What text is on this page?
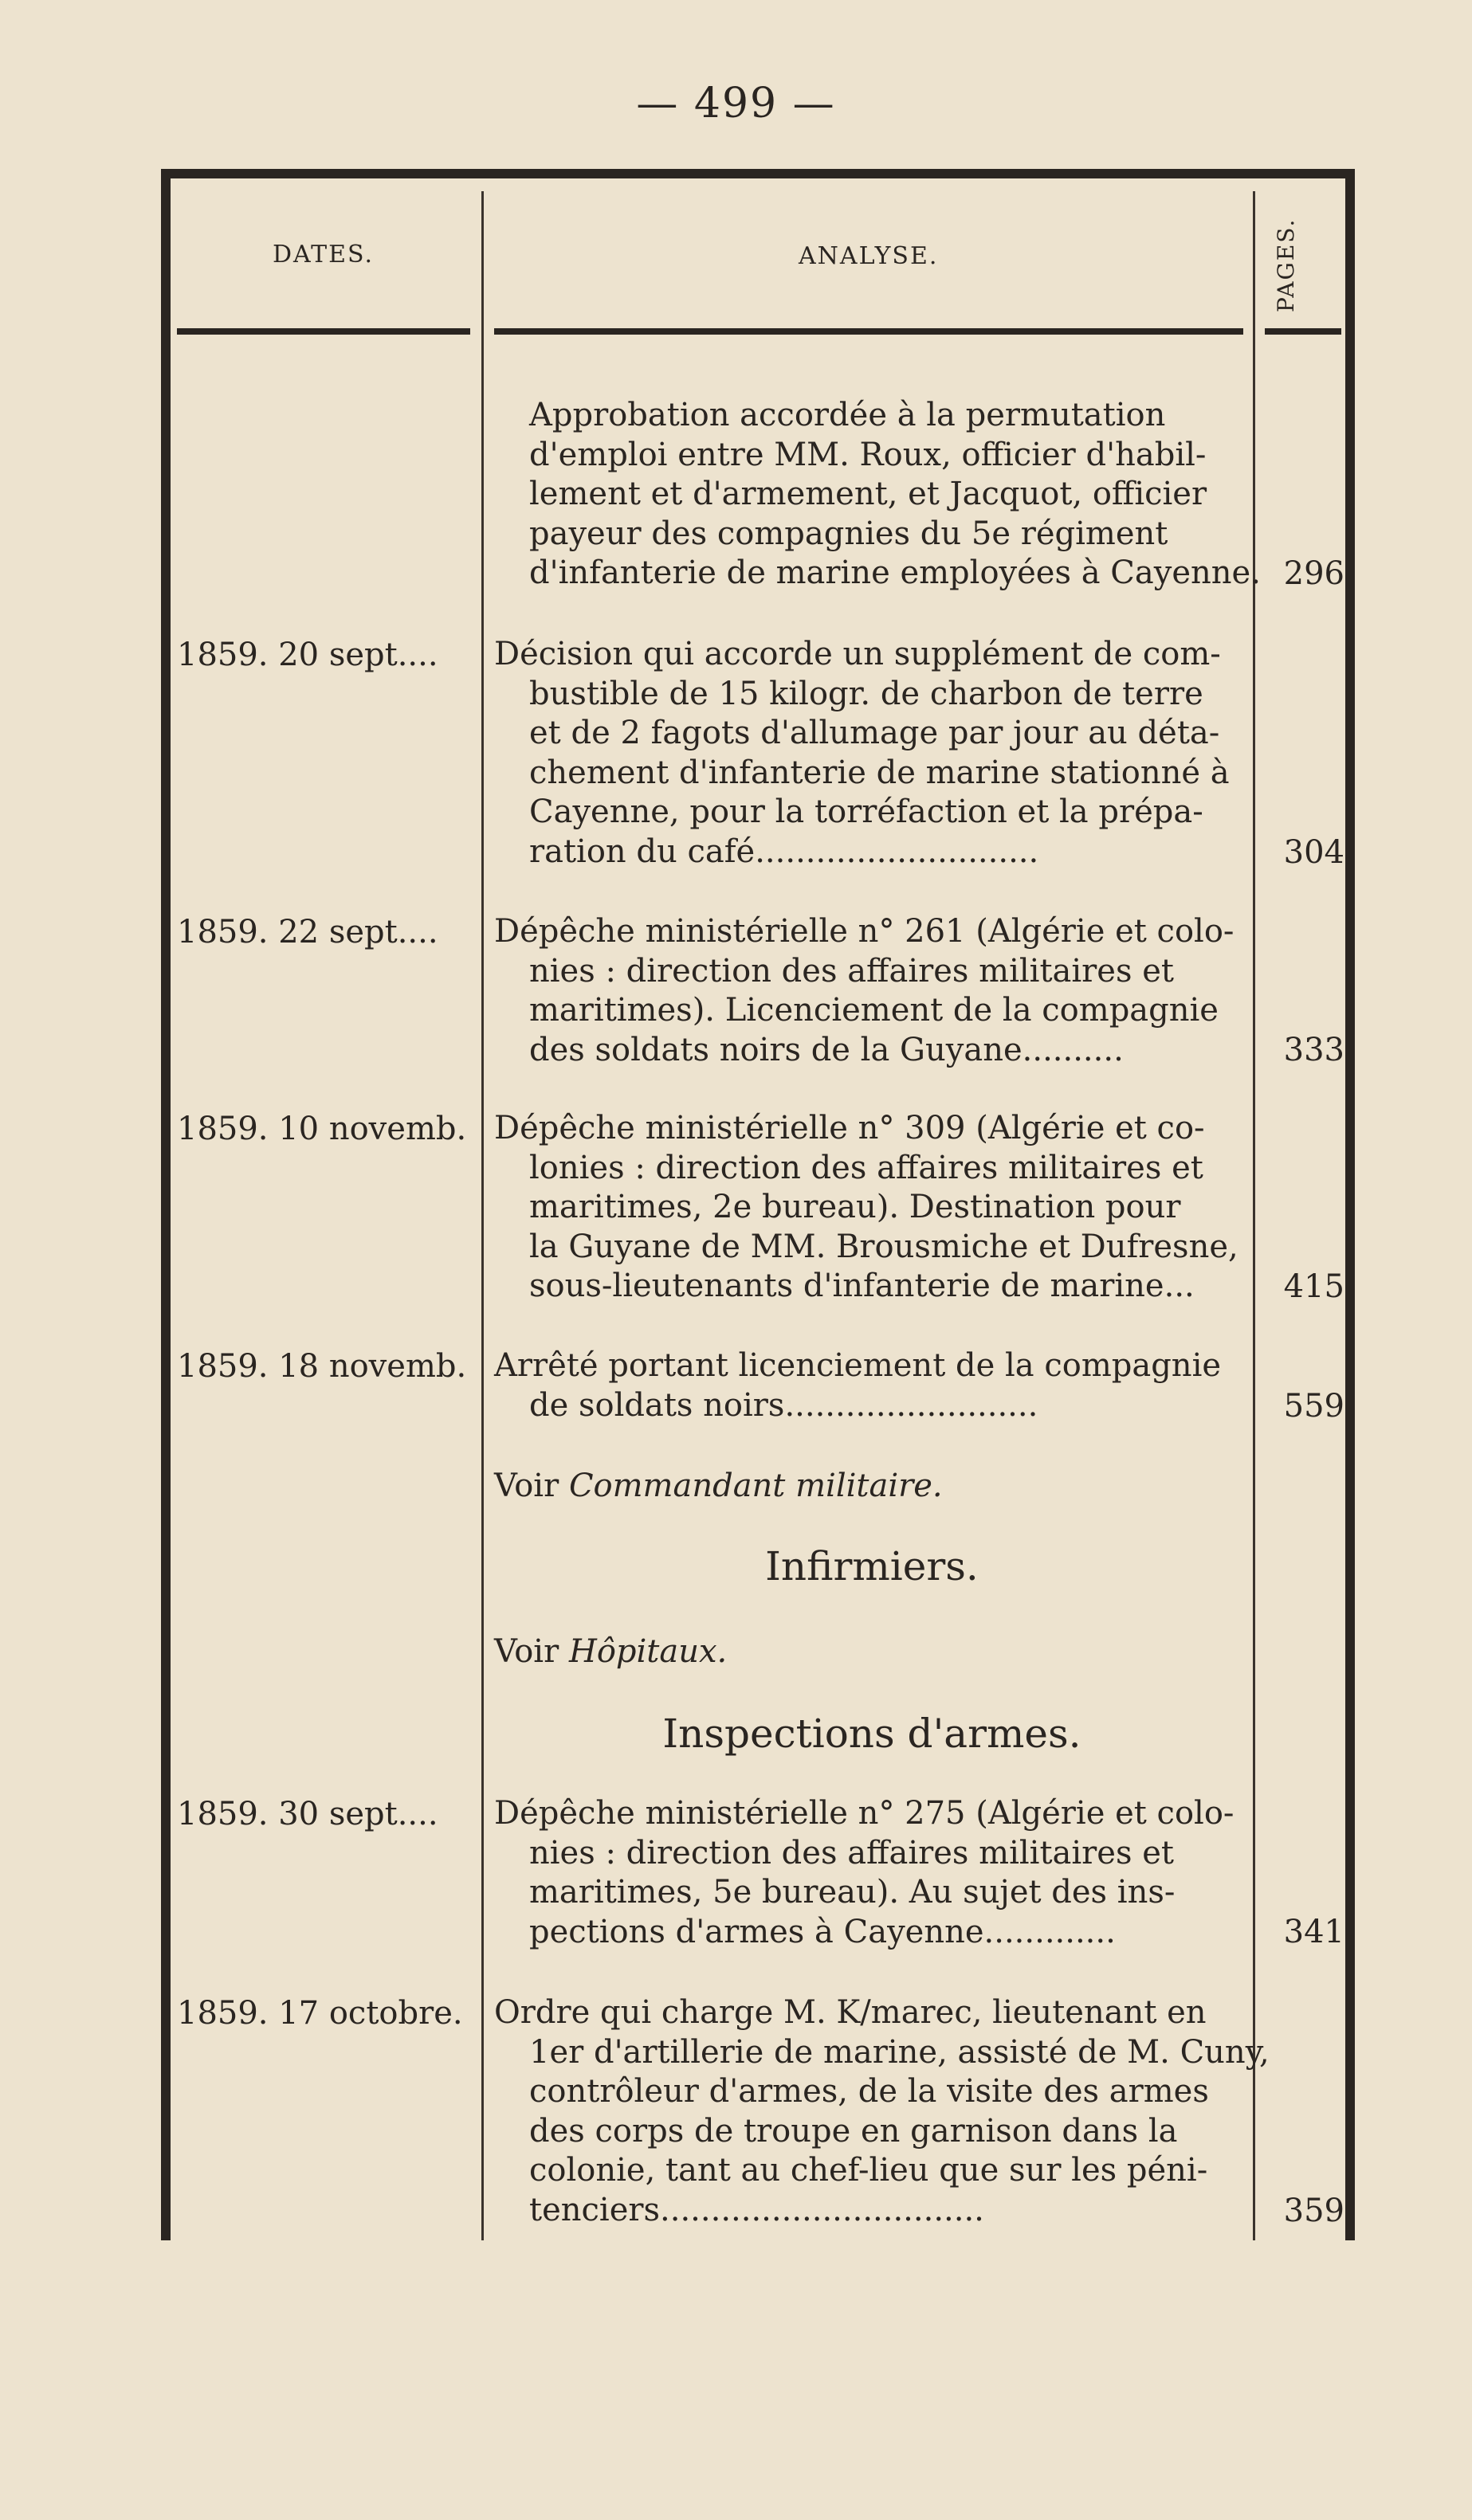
— 499 —
DATES.	ANALYSE.	PAGES.
Approbation accordée à la permutation
d'emploi entre MM. Roux, officier d'habil-
lement et d'armement, et Jacquot, officier
payeur des compagnies du 5e régiment
d'infanterie de marine employées à Cayenne. 296
1859. 20 sept....	Décision qui accorde un supplément de com-
bustible de 15 kilogr. de charbon de terre
et de 2 fagots d'allumage par jour au déta-
chement d'infanterie de marine stationné à
Cayenne, pour la torréfaction et la prépa-
ration du café............................	304
1859. 22 sept....	Dépêche ministérielle n° 261 (Algérie et colo-
nies : direction des affaires militaires et
maritimes). Licenciement de la compagnie
des soldats noirs de la Guyane..........	333
1859. 10 novemb. Dépêche ministérielle n° 309 (Algérie et co-
lonies : direction des affaires militaires et
maritimes, 2e bureau). Destination pour
la Guyane de MM. Brousmiche et Dufresne,
sous-lieutenants d'infanterie de marine...	415
1859. 18 novemb. Arrêté portant licenciement de la compagnie
de soldats noirs.........................	559
Voir Commandant militaire.
Infirmiers.
Voir Hôpitaux.
Inspections d'armes.
1859. 30 sept....	Dépêche ministérielle n° 275 (Algérie et colo-
nies : direction des affaires militaires et
maritimes, 5e bureau). Au sujet des ins-
pections d'armes à Cayenne.............	341
1859. 17 octobre. Ordre qui charge M. K/marec, lieutenant en
1er d'artillerie de marine, assisté de M. Cuny,
contrôleur d'armes, de la visite des armes
des corps de troupe en garnison dans la
colonie, tant au chef-lieu que sur les péni-
tenciers................................	359
